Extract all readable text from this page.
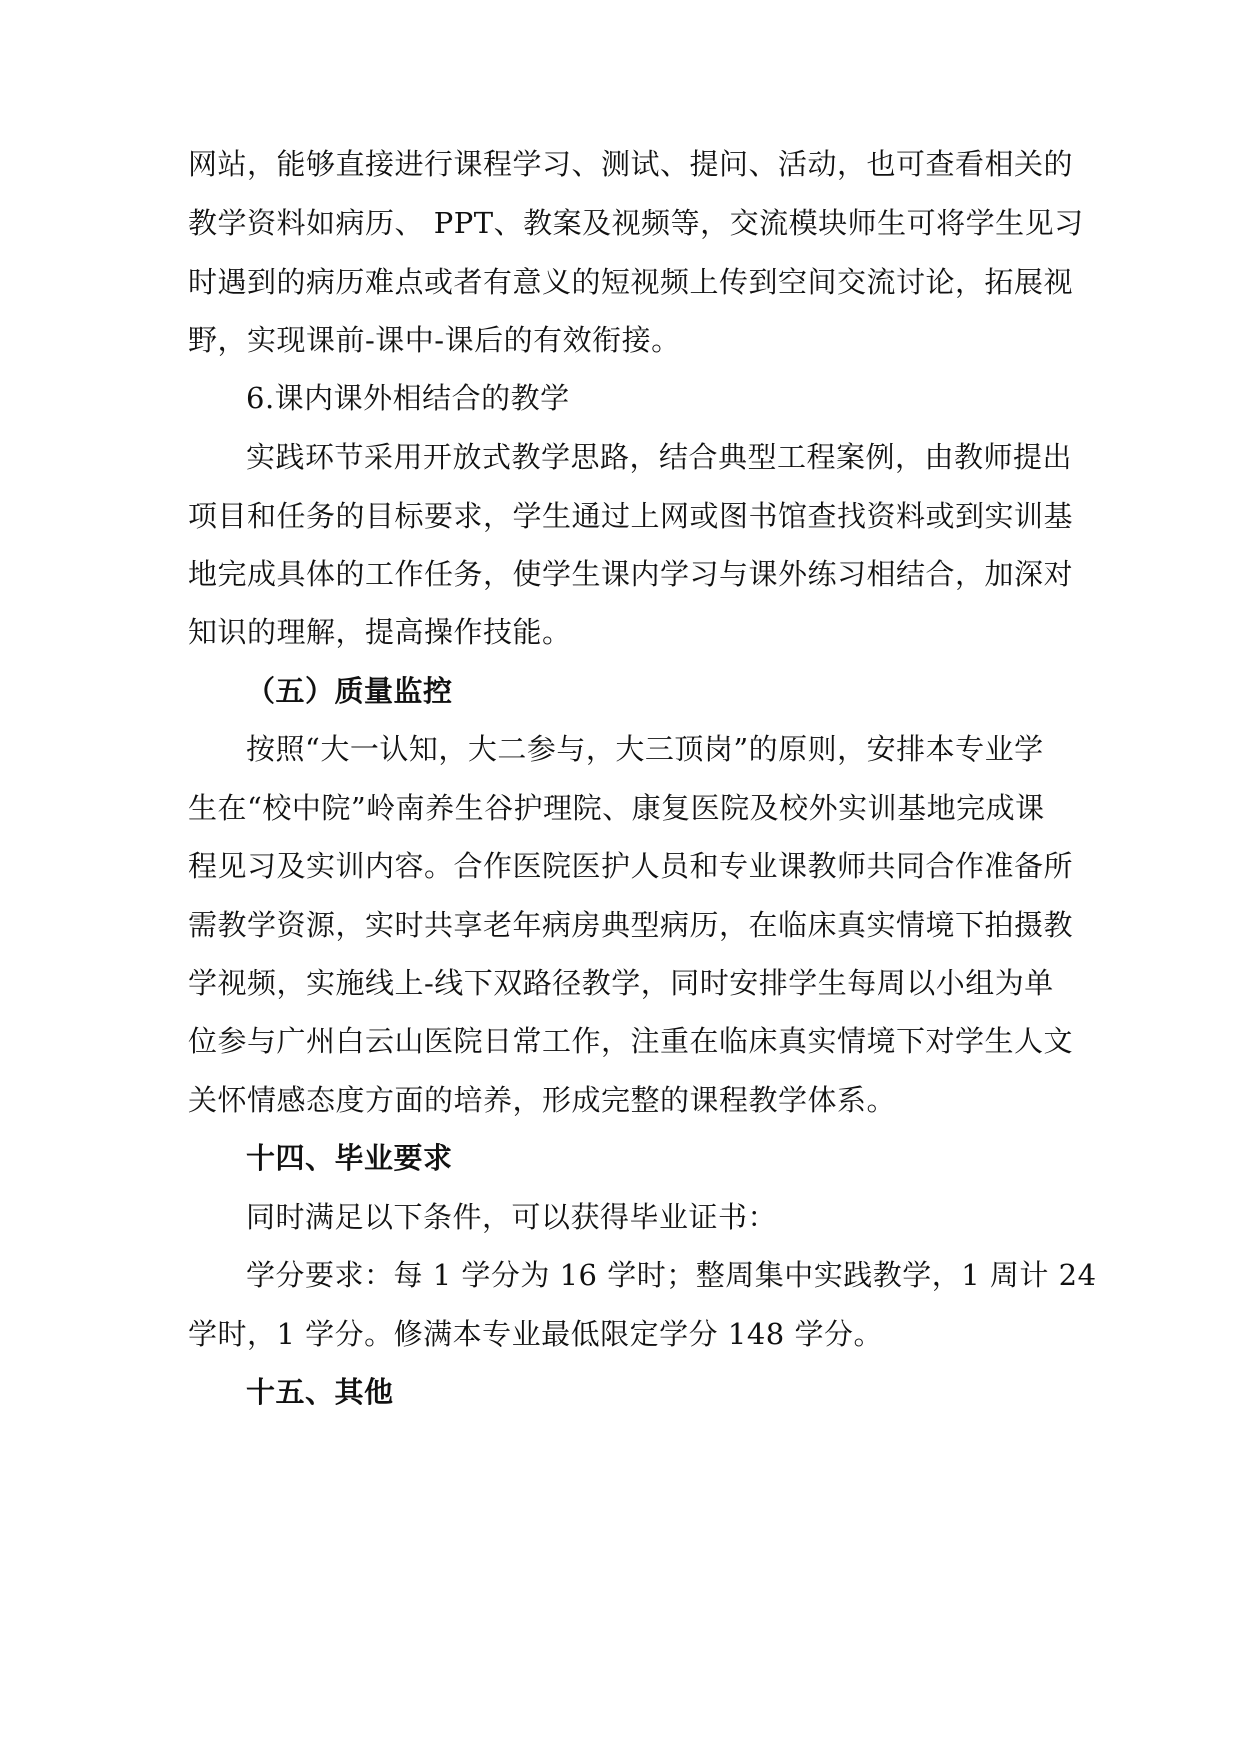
网站，能够直接进行课程学习、测试、提问、活动，也可查看相关的
教学资料如病历、 PPT、教案及视频等，交流模块师生可将学生见习
时遇到的病历难点或者有意义的短视频上传到空间交流讨论，拓展视
野，实现课前-课中-课后的有效衔接。
6.课内课外相结合的教学
实践环节采用开放式教学思路，结合典型工程案例，由教师提出
项目和任务的目标要求，学生通过上网或图书馆查找资料或到实训基
地完成具体的工作任务，使学生课内学习与课外练习相结合，加深对
知识的理解，提高操作技能。
（五）质量监控
按照“大一认知，大二参与，大三顶岗”的原则，安排本专业学
生在“校中院”岭南养生谷护理院、康复医院及校外实训基地完成课
程见习及实训内容。合作医院医护人员和专业课教师共同合作准备所
需教学资源，实时共享老年病房典型病历，在临床真实情境下拍摄教
学视频，实施线上-线下双路径教学，同时安排学生每周以小组为单
位参与广州白云山医院日常工作，注重在临床真实情境下对学生人文
关怀情感态度方面的培养，形成完整的课程教学体系。
十四、毕业要求
同时满足以下条件，可以获得毕业证书：
学分要求：每 1 学分为 16 学时；整周集中实践教学，1 周计 24
学时，1 学分。修满本专业最低限定学分 148 学分。
十五、其他
